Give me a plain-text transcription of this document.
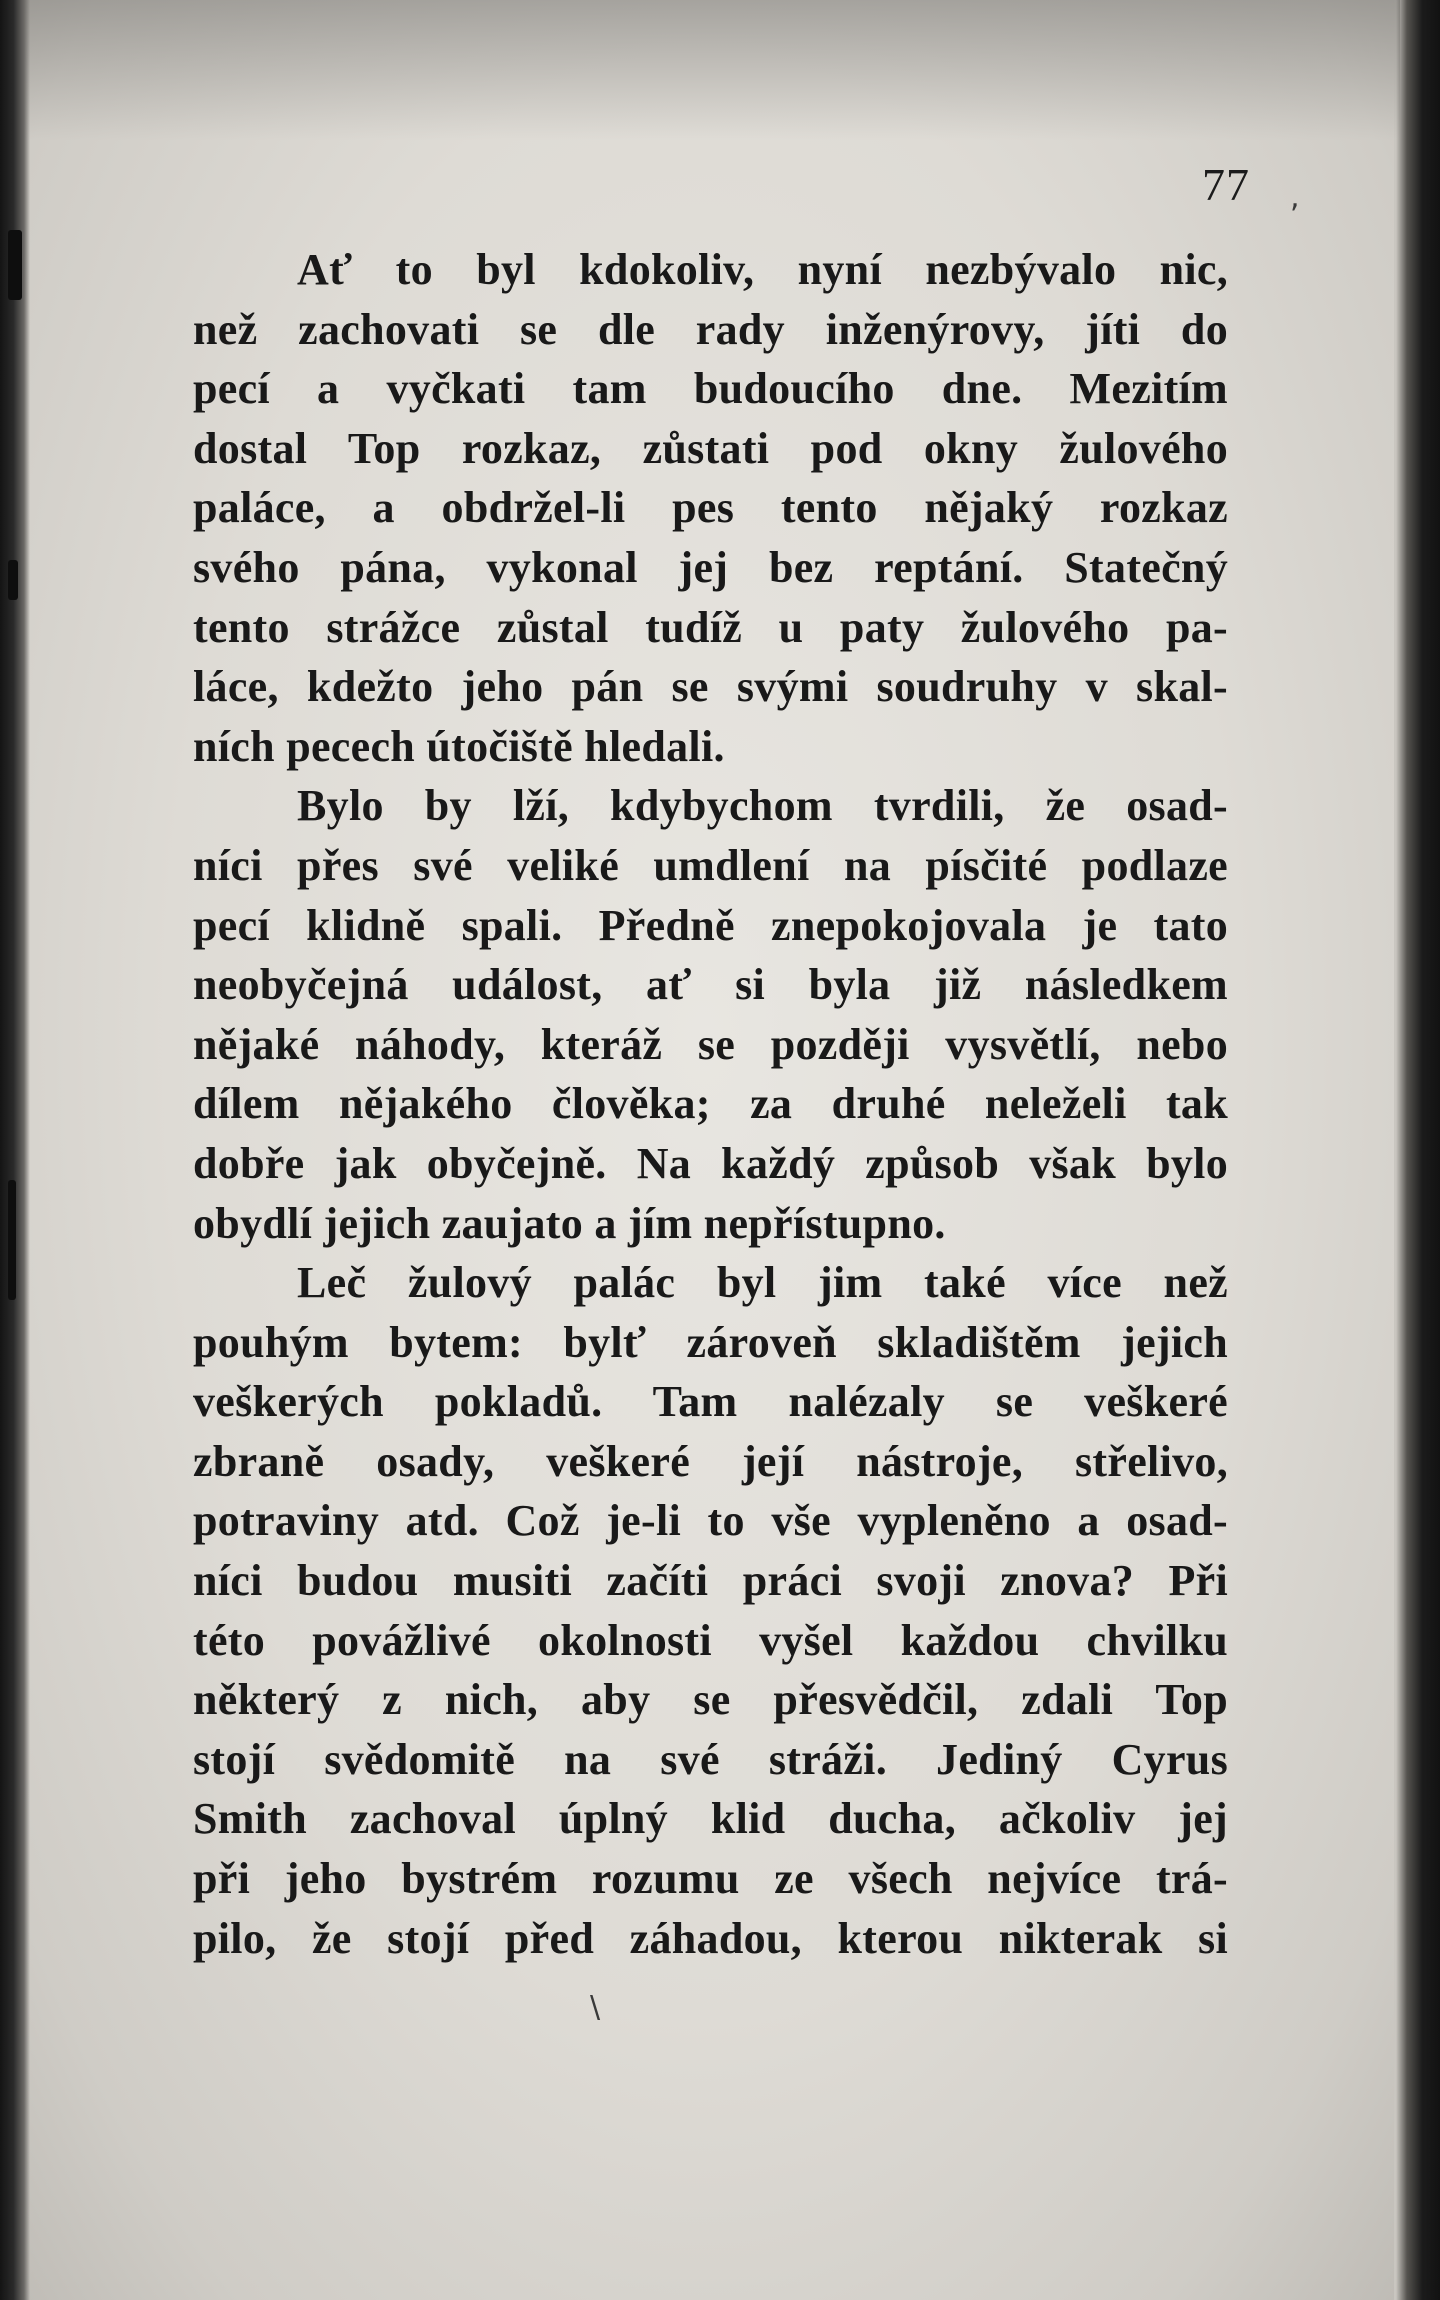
,
\
77
Ať to byl kdokoliv, nyní nezbývalo nic,
než zachovati se dle rady inženýrovy, jíti do
pecí a vyčkati tam budoucího dne. Mezitím
dostal Top rozkaz, zůstati pod okny žulového
paláce, a obdržel-li pes tento nějaký rozkaz
svého pána, vykonal jej bez reptání. Statečný
tento strážce zůstal tudíž u paty žulového pa-
láce, kdežto jeho pán se svými soudruhy v skal-
ních pecech útočiště hledali.
Bylo by lží, kdybychom tvrdili, že osad-
níci přes své veliké umdlení na písčité podlaze
pecí klidně spali. Předně znepokojovala je tato
neobyčejná událost, ať si byla již následkem
nějaké náhody, kteráž se později vysvětlí, nebo
dílem nějakého člověka; za druhé neleželi tak
dobře jak obyčejně. Na každý způsob však bylo
obydlí jejich zaujato a jím nepřístupno.
Leč žulový palác byl jim také více než
pouhým bytem: bylť zároveň skladištěm jejich
veškerých pokladů. Tam nalézaly se veškeré
zbraně osady, veškeré její nástroje, střelivo,
potraviny atd. Což je-li to vše vypleněno a osad-
níci budou musiti začíti práci svoji znova? Při
této povážlivé okolnosti vyšel každou chvilku
některý z nich, aby se přesvědčil, zdali Top
stojí svědomitě na své stráži. Jediný Cyrus
Smith zachoval úplný klid ducha, ačkoliv jej
při jeho bystrém rozumu ze všech nejvíce trá-
pilo, že stojí před záhadou, kterou nikterak si
